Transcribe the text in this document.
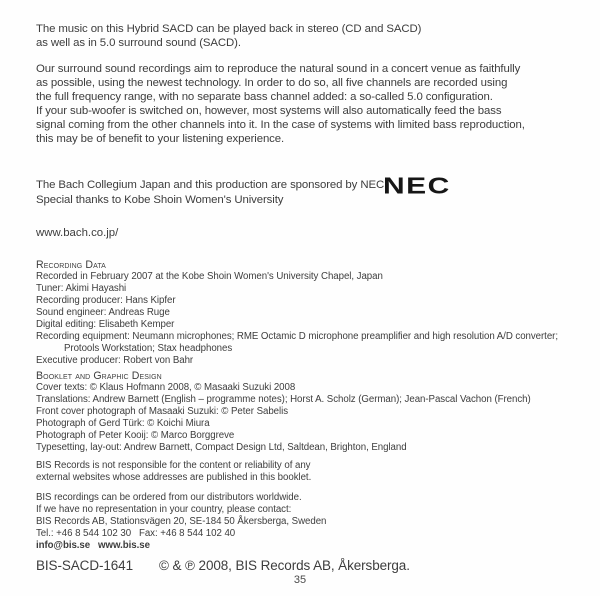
The music on this Hybrid SACD can be played back in stereo (CD and SACD)
as well as in 5.0 surround sound (SACD).
Our surround sound recordings aim to reproduce the natural sound in a concert venue as faithfully
as possible, using the newest technology. In order to do so, all five channels are recorded using
the full frequency range, with no separate bass channel added: a so-called 5.0 configuration.
If your sub-woofer is switched on, however, most systems will also automatically feed the bass
signal coming from the other channels into it. In the case of systems with limited bass reproduction,
this may be of benefit to your listening experience.
The Bach Collegium Japan and this production are sponsored by NEC.
Special thanks to Kobe Shoin Women's University
NEC
www.bach.co.jp/
Recording Data
Recorded in February 2007 at the Kobe Shoin Women's University Chapel, Japan
Tuner: Akimi Hayashi
Recording producer: Hans Kipfer
Sound engineer: Andreas Ruge
Digital editing: Elisabeth Kemper
Recording equipment: Neumann microphones; RME Octamic D microphone preamplifier and high resolution A/D converter;
Protools Workstation; Stax headphones
Executive producer: Robert von Bahr
Booklet and Graphic Design
Cover texts: © Klaus Hofmann 2008, © Masaaki Suzuki 2008
Translations: Andrew Barnett (English – programme notes); Horst A. Scholz (German); Jean-Pascal Vachon (French)
Front cover photograph of Masaaki Suzuki: © Peter Sabelis
Photograph of Gerd Türk: © Koichi Miura
Photograph of Peter Kooij: © Marco Borggreve
Typesetting, lay-out: Andrew Barnett, Compact Design Ltd, Saltdean, Brighton, England
BIS Records is not responsible for the content or reliability of any
external websites whose addresses are published in this booklet.
BIS recordings can be ordered from our distributors worldwide.
If we have no representation in your country, please contact:
BIS Records AB, Stationsvägen 20, SE-184 50 Åkersberga, Sweden
Tel.: +46 8 544 102 30   Fax: +46 8 544 102 40
info@bis.se   www.bis.se
BIS-SACD-1641 © & ℗ 2008, BIS Records AB, Åkersberga.
35
